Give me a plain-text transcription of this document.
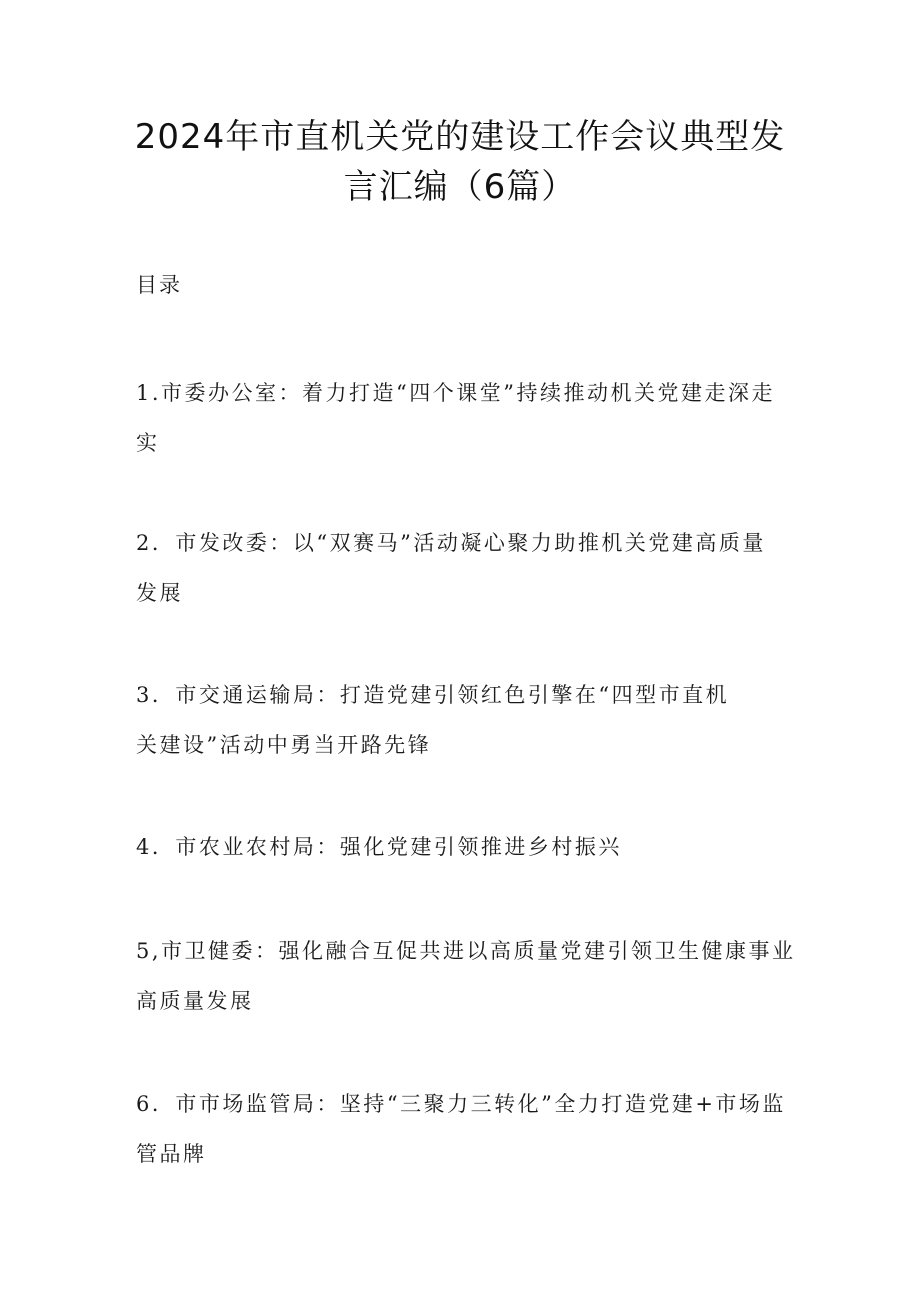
2024年市直机关党的建设工作会议典型发
言汇编（6篇）
目录
1.市委办公室：着力打造“四个课堂”持续推动机关党建走深走
实
2．市发改委：以“双赛马”活动凝心聚力助推机关党建高质量
发展
3．市交通运输局：打造党建引领红色引擎在“四型市直机
关建设”活动中勇当开路先锋
4．市农业农村局：强化党建引领推进乡村振兴
5,市卫健委：强化融合互促共进以高质量党建引领卫生健康事业
高质量发展
6．市市场监管局：坚持“三聚力三转化”全力打造党建+市场监
管品牌
